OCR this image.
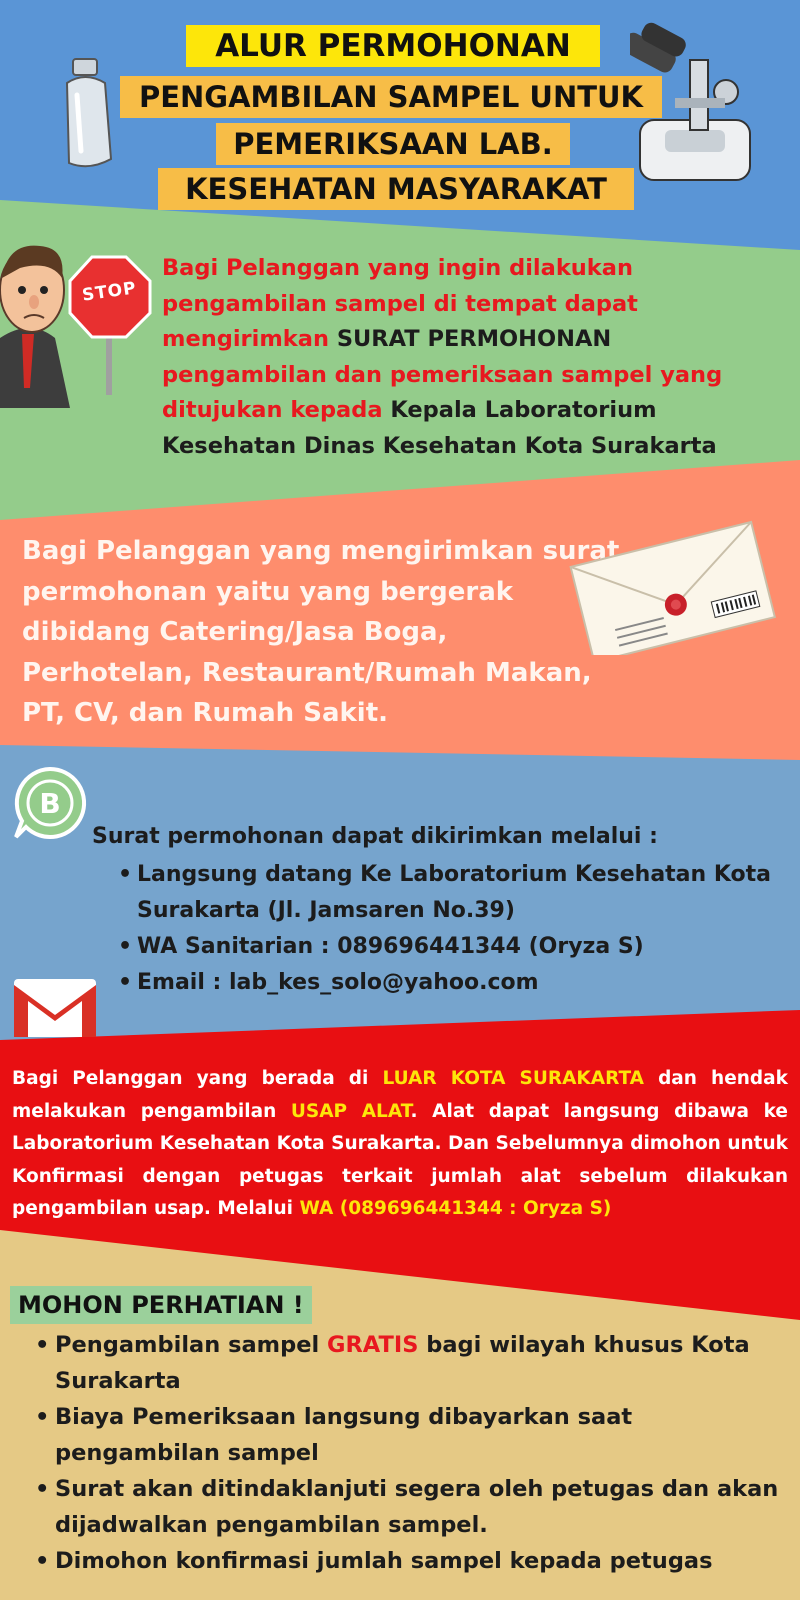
ALUR PERMOHONAN
PENGAMBILAN SAMPEL UNTUK
PEMERIKSAAN LAB.
KESEHATAN MASYARAKAT
STOP
Bagi Pelanggan yang ingin dilakukan pengambilan sampel di tempat dapat mengirimkan SURAT PERMOHONAN pengambilan dan pemeriksaan sampel yang ditujukan kepada Kepala Laboratorium Kesehatan Dinas Kesehatan Kota Surakarta
Bagi Pelanggan yang mengirimkan surat permohonan yaitu yang bergerak dibidang Catering/Jasa Boga, Perhotelan, Restaurant/Rumah Makan, PT, CV, dan Rumah Sakit.
B
Surat permohonan dapat dikirimkan melalui :
• Langsung datang Ke Laboratorium Kesehatan Kota Surakarta (Jl. Jamsaren No.39)
• WA Sanitarian : 089696441344 (Oryza S)
• Email : lab_kes_solo@yahoo.com
Bagi Pelanggan yang berada di LUAR KOTA SURAKARTA dan hendak melakukan pengambilan USAP ALAT. Alat dapat langsung dibawa ke Laboratorium Kesehatan Kota Surakarta. Dan Sebelumnya dimohon untuk Konfirmasi dengan petugas terkait jumlah alat sebelum dilakukan pengambilan usap. Melalui WA (089696441344 : Oryza S)
MOHON PERHATIAN !
• Pengambilan sampel GRATIS bagi wilayah khusus Kota Surakarta
• Biaya Pemeriksaan langsung dibayarkan saat pengambilan sampel
• Surat akan ditindaklanjuti segera oleh petugas dan akan dijadwalkan pengambilan sampel.
• Dimohon konfirmasi jumlah sampel kepada petugas
